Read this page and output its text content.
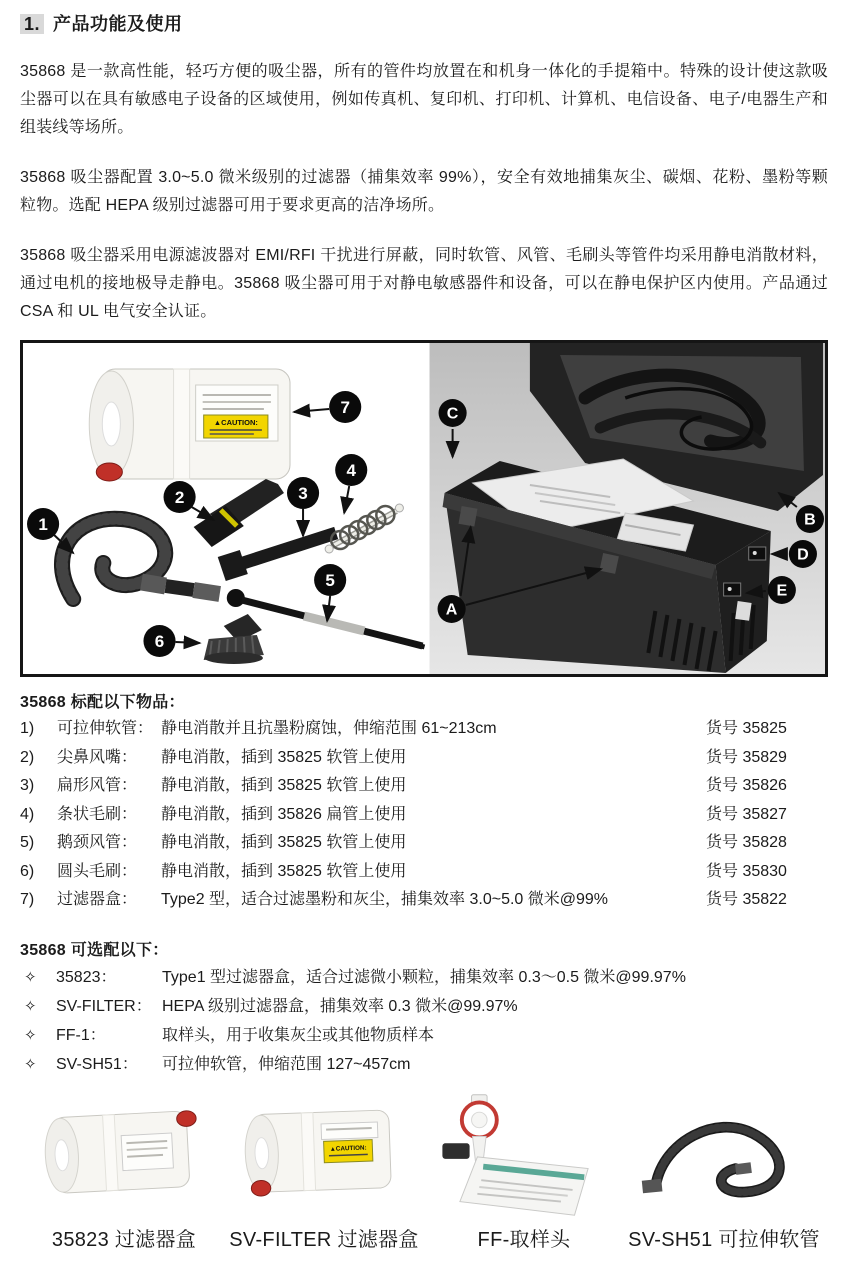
1. 产品功能及使用

35868 是一款高性能，轻巧方便的吸尘器，所有的管件均放置在和机身一体化的手提箱中。特殊的设计使这款吸尘器可以在具有敏感电子设备的区域使用，例如传真机、复印机、打印机、计算机、电信设备、电子/电器生产和组装线等场所。

35868 吸尘器配置 3.0~5.0 微米级别的过滤器（捕集效率 99%），安全有效地捕集灰尘、碳烟、花粉、墨粉等颗粒物。选配 HEPA 级别过滤器可用于要求更高的洁净场所。

35868 吸尘器采用电源滤波器对 EMI/RFI 干扰进行屏蔽，同时软管、风管、毛刷头等管件均采用静电消散材料，通过电机的接地极导走静电。35868 吸尘器可用于对静电敏感器件和设备，可以在静电保护区内使用。产品通过 CSA 和 UL 电气安全认证。

▲CAUTION:
1
2	3
4
5
6
7
A
B
C
D
E
35868 标配以下物品：
1)	可拉伸软管： 静电消散并且抗墨粉腐蚀，伸缩范围 61~213cm	货号 35825
2)	尖鼻风嘴：	静电消散，插到 35825 软管上使用	货号 35829
3)	扁形风管：	静电消散，插到 35825 软管上使用	货号 35826
4)	条状毛刷：	静电消散，插到 35826 扁管上使用	货号 35827
5)	鹅颈风管：	静电消散，插到 35825 软管上使用	货号 35828
6)	圆头毛刷：	静电消散，插到 35825 软管上使用	货号 35830
7)	过滤器盒：	Type2 型，适合过滤墨粉和灰尘，捕集效率 3.0~5.0 微米@99%	货号 35822
35868 可选配以下：
✧	35823：	Type1 型过滤器盒，适合过滤微小颗粒，捕集效率 0.3～0.5 微米@99.97%
✧	SV-FILTER： HEPA 级别过滤器盒，捕集效率 0.3 微米@99.97%
✧	FF-1：	取样头，用于收集灰尘或其他物质样本
✧	SV-SH51：	可拉伸软管，伸缩范围 127~457cm
35823 过滤器盒
▲CAUTION:
SV-FILTER 过滤器盒	FF-取样头	SV-SH51 可拉伸软管
